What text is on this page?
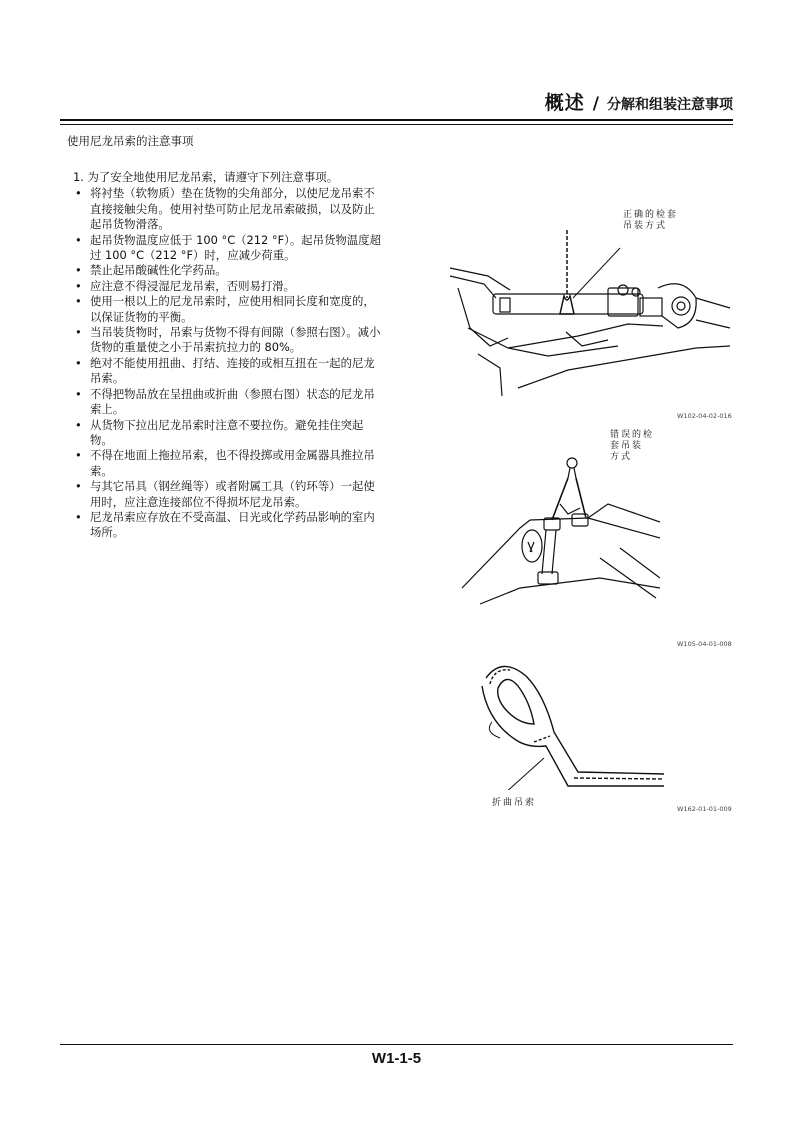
概述 / 分解和组装注意事项
使用尼龙吊索的注意事项

1. 为了安全地使用尼龙吊索，请遵守下列注意事项。

• 将衬垫（软物质）垫在货物的尖角部分，以使尼龙吊索不直接接触尖角。使用衬垫可防止尼龙吊索破损，以及防止起吊货物滑落。
• 起吊货物温度应低于 100 °C（212 °F）。起吊货物温度超过 100 °C（212 °F）时，应减少荷重。
• 禁止起吊酸碱性化学药品。
• 应注意不得浸湿尼龙吊索，否则易打滑。
• 使用一根以上的尼龙吊索时，应使用相同长度和宽度的，以保证货物的平衡。
• 当吊装货物时，吊索与货物不得有间隙（参照右图）。减小货物的重量使之小于吊索抗拉力的 80%。
• 绝对不能使用扭曲、打结、连接的或相互扭在一起的尼龙吊索。
• 不得把物品放在呈扭曲或折曲（参照右图）状态的尼龙吊索上。
• 从货物下拉出尼龙吊索时注意不要拉伤。避免挂住突起物。
• 不得在地面上拖拉吊索，也不得投掷或用金属器具推拉吊索。
• 与其它吊具（钢丝绳等）或者附属工具（钓环等）一起使用时，应注意连接部位不得损坏尼龙吊索。
• 尼龙吊索应存放在不受高温、日光或化学药品影响的室内场所。
正确的检套
吊装方式
W102-04-02-016
错误的检套吊装
方式
W105-04-01-008
折曲吊索
W162-01-01-009
W1-1-5
